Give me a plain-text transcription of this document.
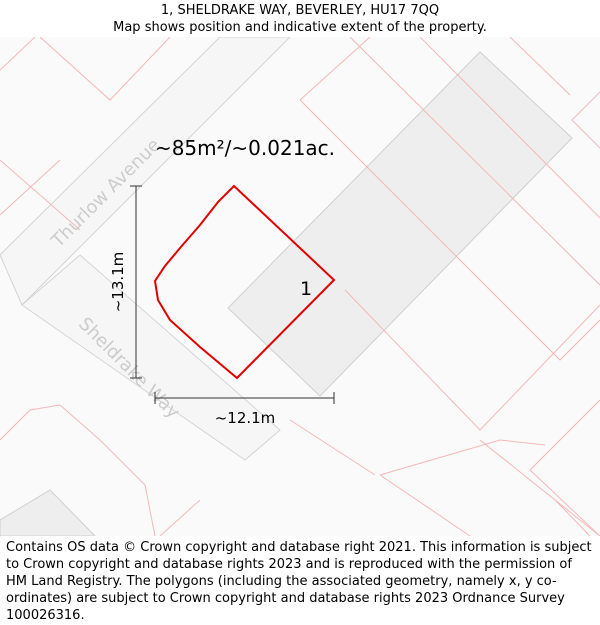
1, SHELDRAKE WAY, BEVERLEY, HU17 7QQ
Map shows position and indicative extent of the property.
Thurlow Avenue
Sheldrake Way
1
~85m²/~0.021ac.
~13.1m
~12.1m
Contains OS data © Crown copyright and database right 2021. This information is subject to Crown copyright and database rights 2023 and is reproduced with the permission of HM Land Registry. The polygons (including the associated geometry, namely x, y co-ordinates) are subject to Crown copyright and database rights 2023 Ordnance Survey 100026316.
